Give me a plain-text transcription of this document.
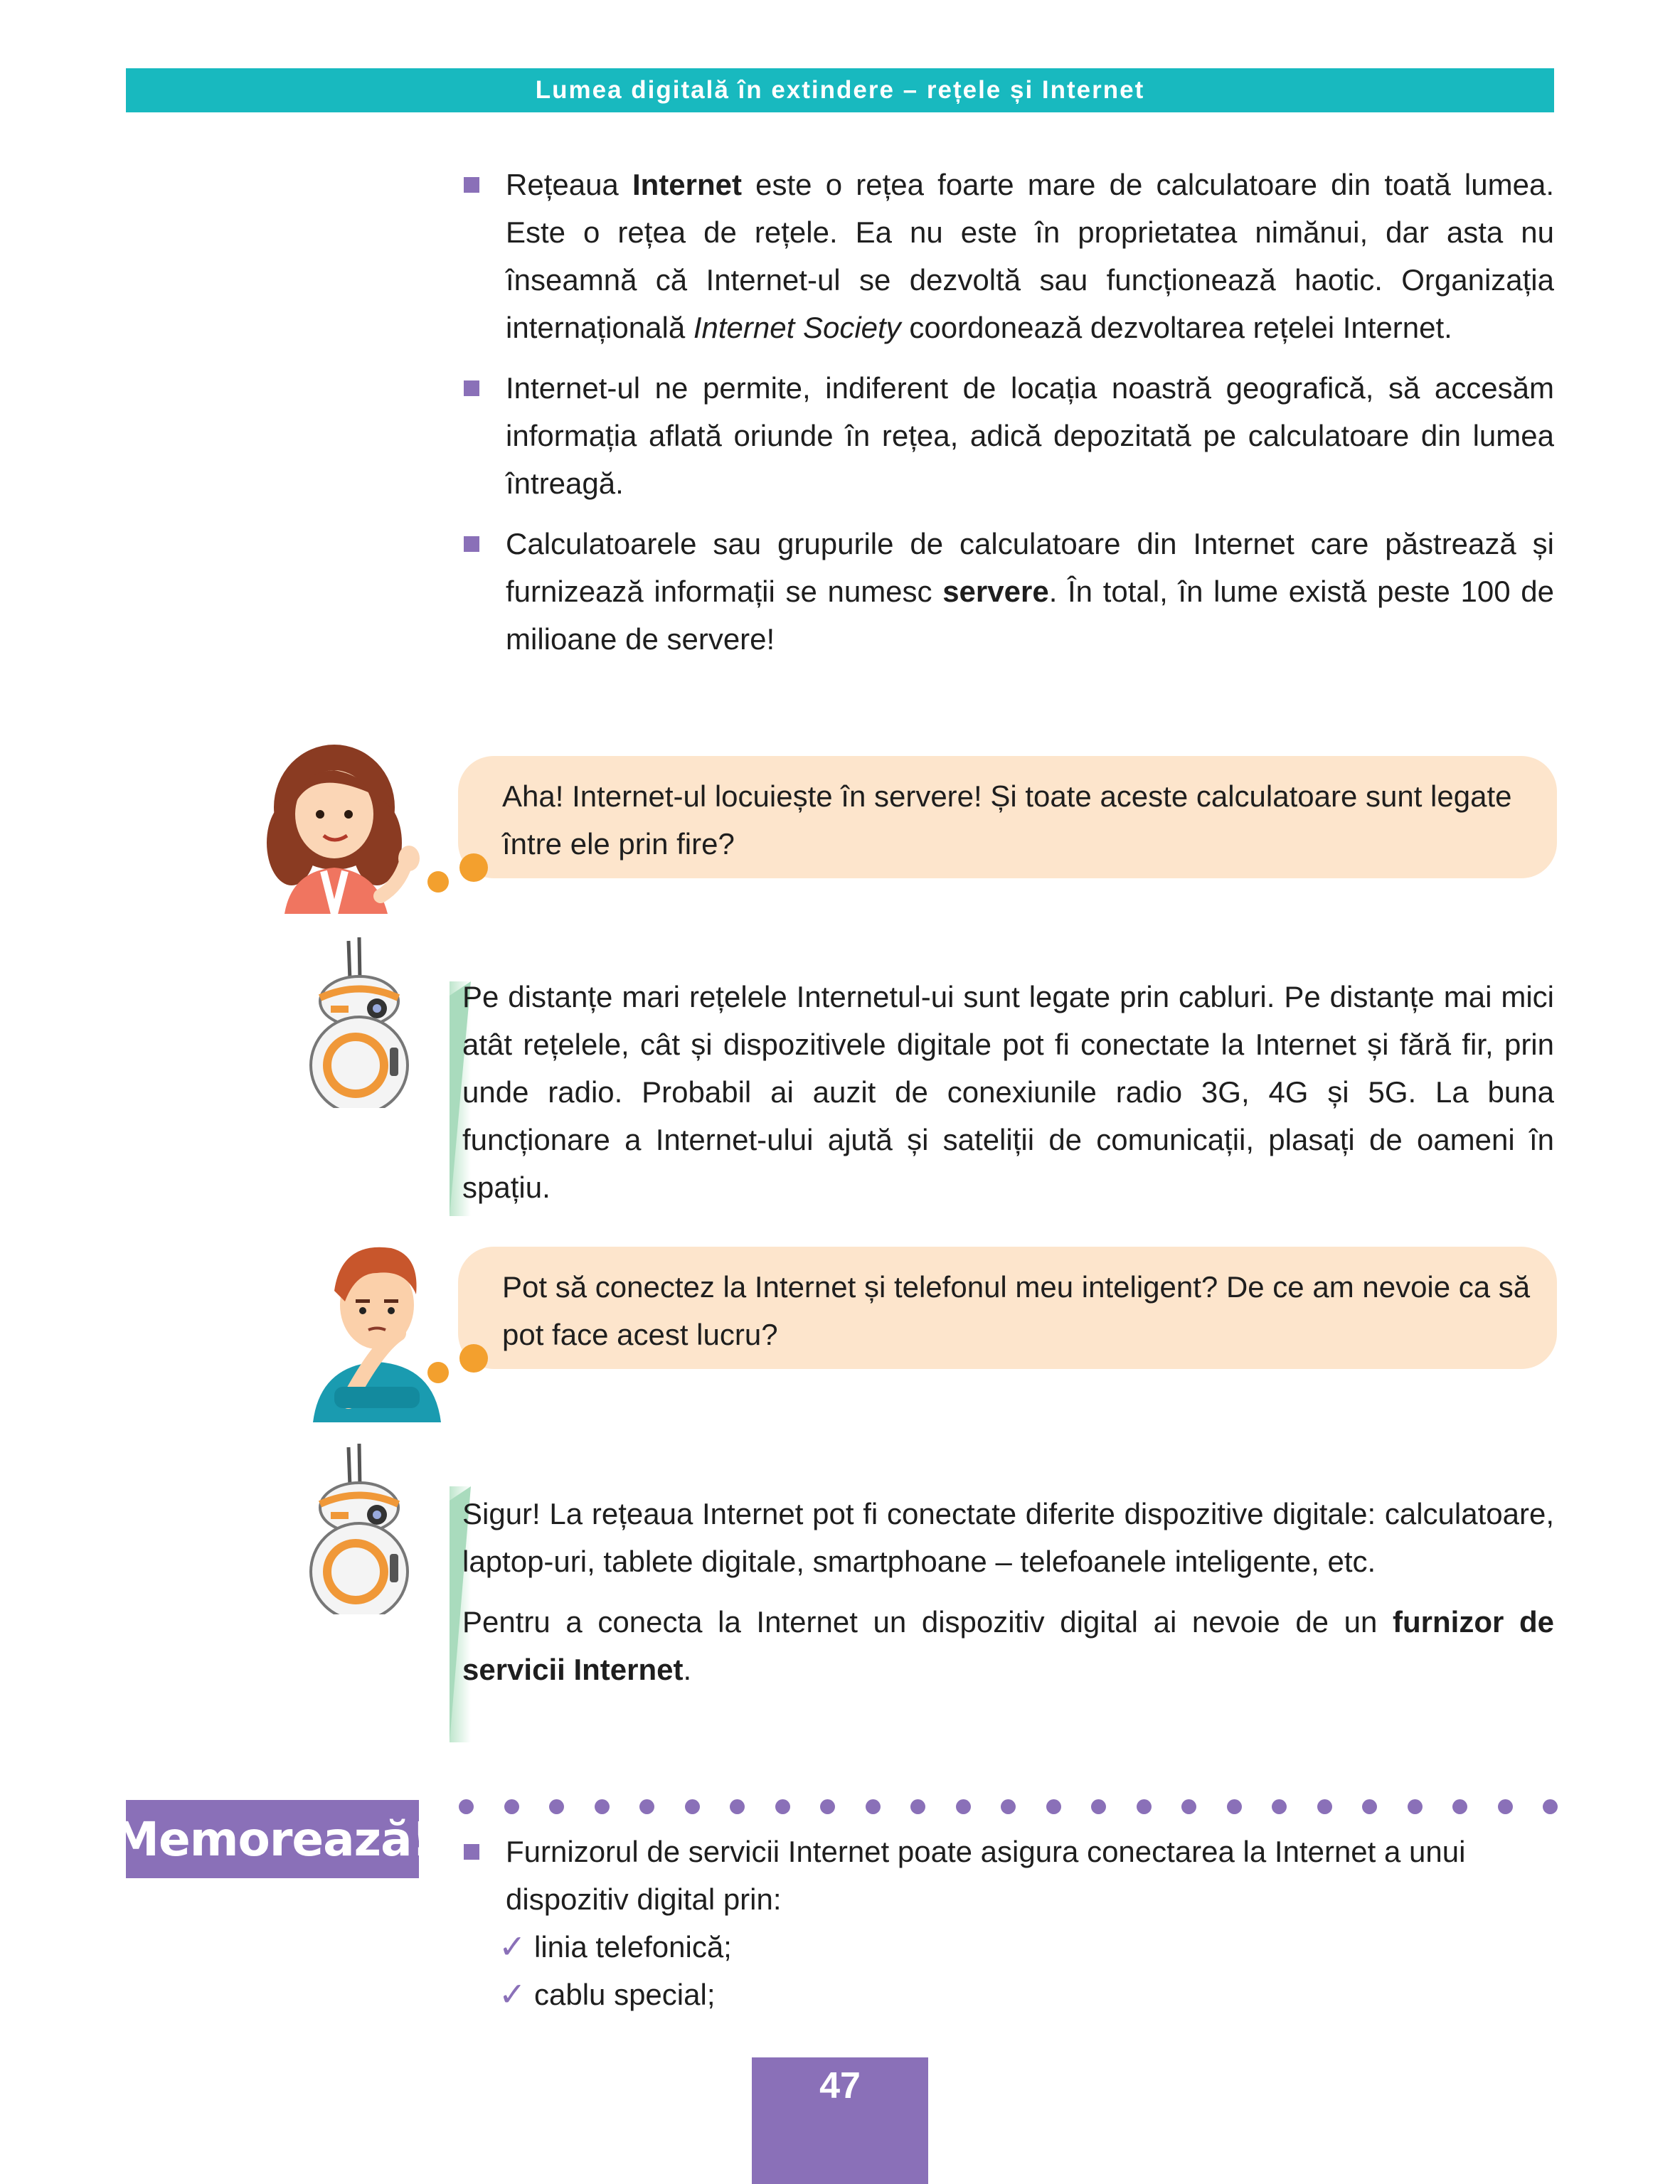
Lumea digitală în extindere – rețele și Internet

Rețeaua Internet este o rețea foarte mare de calculatoare din toată lumea. Este o rețea de rețele. Ea nu este în proprietatea nimănui, dar asta nu înseamnă că Internet-ul se dezvoltă sau funcționează haotic. Organizația internațională Internet Society coordonează dezvoltarea rețelei Internet.

Internet-ul ne permite, indiferent de locația noastră geografică, să accesăm informația aflată oriunde în rețea, adică depozitată pe calculatoare din lumea întreagă.

Calculatoarele sau grupurile de calculatoare din Internet care păstrează și furnizează informații se numesc servere. În total, în lume există peste 100 de milioane de servere!

Aha! Internet-ul locuiește în servere! Și toate aceste calculatoare sunt legate între ele prin fire?

Pe distanțe mari rețelele Internetul-ui sunt legate prin cabluri. Pe distanțe mai mici atât rețelele, cât și dispozitivele digitale pot fi conectate la Internet și fără fir, prin unde radio. Probabil ai auzit de conexiunile radio 3G, 4G și 5G. La buna funcționare a Internet-ului ajută și sateliții de comunicații, plasați de oameni în spațiu.

Pot să conectez la Internet și telefonul meu inteligent? De ce am nevoie ca să pot face acest lucru?

Sigur! La rețeaua Internet pot fi conectate diferite dispozitive digitale: calculatoare, laptop-uri, tablete digitale, smartphoane – telefoanele inteligente, etc.

Pentru a conecta la Internet un dispozitiv digital ai nevoie de un furnizor de servicii Internet.

Memorează! Furnizorul de servicii Internet poate asigura conectarea la Internet a unui dispozitiv digital prin:

✓ linia telefonică;
✓ cablu special;
47
